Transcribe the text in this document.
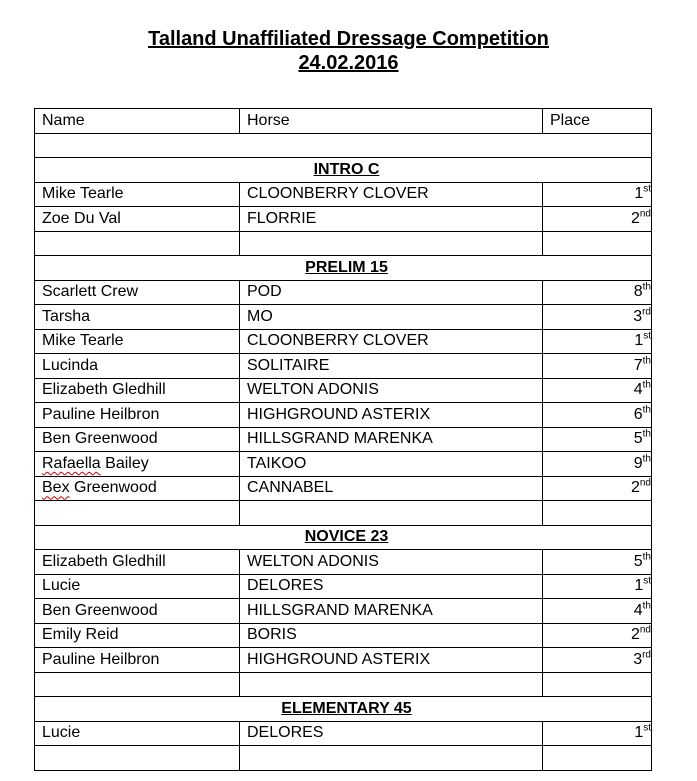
Talland Unaffiliated Dressage Competition
24.02.2016
Name	Horse	Place

INTRO C		
Mike Tearle	CLOONBERRY CLOVER	1st
Zoe Du Val	FLORRIE	2nd

PRELIM 15		
Scarlett Crew	POD	8th
Tarsha	MO	3rd
Mike Tearle	CLOONBERRY CLOVER	1st
Lucinda	SOLITAIRE	7th
Elizabeth Gledhill	WELTON ADONIS	4th
Pauline Heilbron	HIGHGROUND ASTERIX	6th
Ben Greenwood	HILLSGRAND MARENKA	5th
Rafaella Bailey	TAIKOO	9th
Bex Greenwood	CANNABEL	2nd

NOVICE 23		
Elizabeth Gledhill	WELTON ADONIS	5th
Lucie	DELORES	1st
Ben Greenwood	HILLSGRAND MARENKA	4th
Emily Reid	BORIS	2nd
Pauline Heilbron	HIGHGROUND ASTERIX	3rd

ELEMENTARY 45		
Lucie	DELORES	1st
